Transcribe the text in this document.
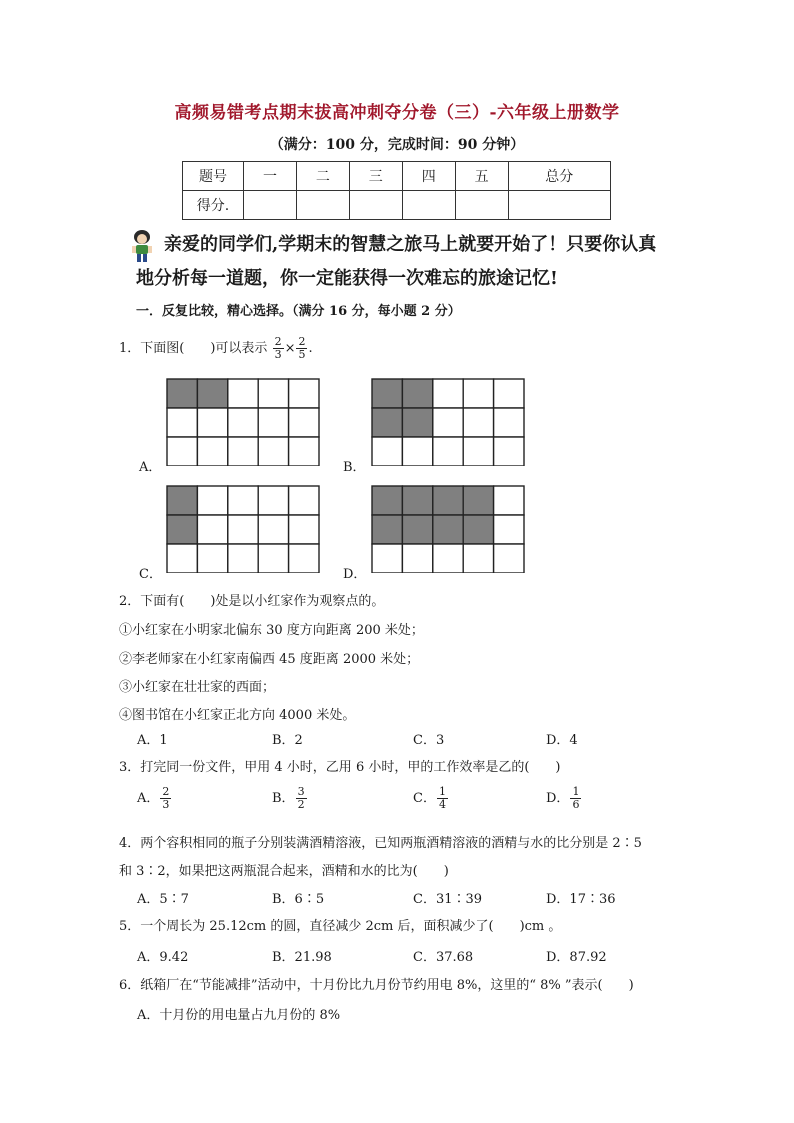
高频易错考点期末拔高冲刺夺分卷（三）-六年级上册数学
（满分：100 分，完成时间：90 分钟）
题号	一	二	三	四	五	总分
得分.						
亲爱的同学们,学期末的智慧之旅马上就要开始了！只要你认真
地分析每一道题，你一定能获得一次难忘的旅途记忆!
一．反复比较，精心选择。（满分 16 分，每小题 2 分）
1．下面图(　　 )可以表示 $\frac{2}{3} \times \frac{2}{5}$ .
A．	B．
C．	D．
2．下面有(　　)处是以小红家作为观察点的。
①小红家在小明家北偏东 30 度方向距离 200 米处；
②李老师家在小红家南偏西 45 度距离 2000 米处；
③小红家在壮壮家的西面；
④图书馆在小红家正北方向 4000 米处。
A．1	B．2	C．3	D．4
3．打完同一份文件，甲用 4 小时，乙用 6 小时，甲的工作效率是乙的(　　)
A． $\frac{2}{3}$	B． $\frac{3}{2}$	C． $\frac{1}{4}$	D． $\frac{1}{6}$
4．两个容积相同的瓶子分别装满酒精溶液，已知两瓶酒精溶液的酒精与水的比分别是 2∶5
和 3∶2，如果把这两瓶混合起来，酒精和水的比为(　　)
A．5∶7	B．6∶5	C．31∶39	D．17∶36
5．一个周长为 25.12cm 的圆，直径减少 2cm 后，面积减少了(　　)cm 。
A．9.42	B．21.98	C．37.68	D．87.92
6．纸箱厂在“节能减排”活动中，十月份比九月份节约用电 8%，这里的“ 8% ”表示(　　)
A．十月份的用电量占九月份的 8%
